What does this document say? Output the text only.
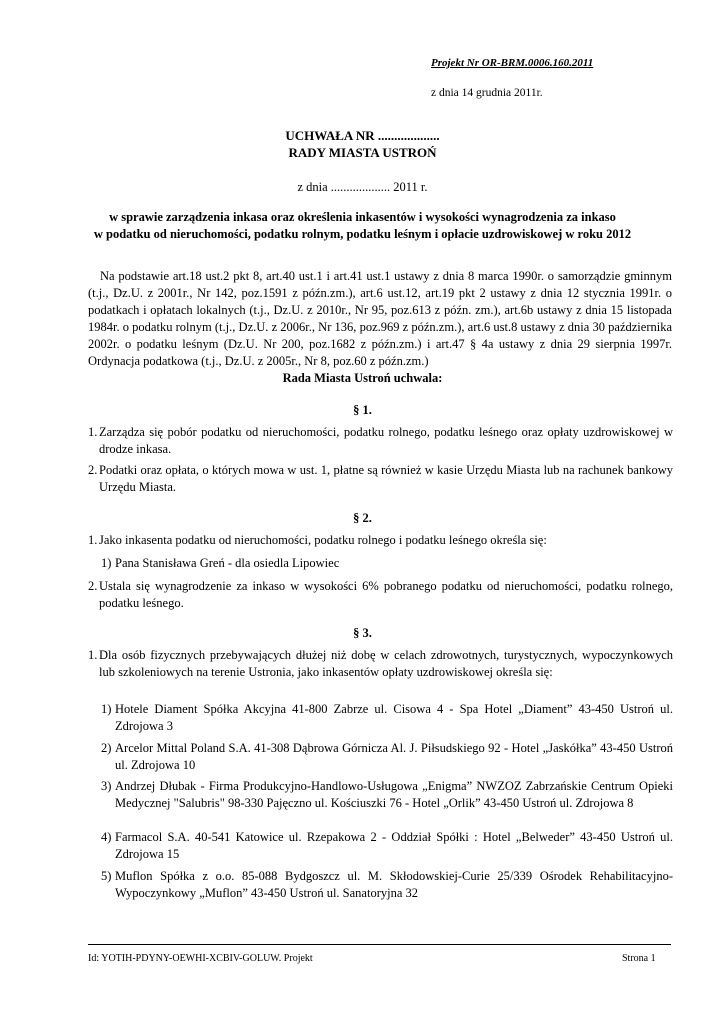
Projekt Nr OR-BRM.0006.160.2011
z dnia 14 grudnia 2011r.
UCHWAŁA NR ...................
RADY MIASTA USTROŃ
z dnia ................... 2011 r.
w sprawie zarządzenia inkasa oraz określenia inkasentów i wysokości wynagrodzenia za inkaso
w podatku od nieruchomości, podatku rolnym, podatku leśnym i opłacie uzdrowiskowej w roku 2012
Na podstawie art.18 ust.2 pkt 8, art.40 ust.1 i art.41 ust.1 ustawy z dnia 8 marca 1990r. o samorządzie gminnym (t.j., Dz.U. z 2001r., Nr 142, poz.1591 z późn.zm.), art.6 ust.12, art.19 pkt 2 ustawy z dnia 12 stycznia 1991r. o podatkach i opłatach lokalnych (t.j., Dz.U. z 2010r., Nr 95, poz.613 z późn. zm.), art.6b ustawy z dnia 15 listopada 1984r. o podatku rolnym (t.j., Dz.U. z 2006r., Nr 136, poz.969 z późn.zm.), art.6 ust.8 ustawy z dnia 30 października 2002r. o podatku leśnym (Dz.U. Nr 200, poz.1682 z późn.zm.) i art.47 § 4a ustawy z dnia 29 sierpnia 1997r. Ordynacja podatkowa (t.j., Dz.U. z 2005r., Nr 8, poz.60 z późn.zm.)
Rada Miasta Ustroń uchwala:
§ 1.
1. Zarządza się pobór podatku od nieruchomości, podatku rolnego, podatku leśnego oraz opłaty uzdrowiskowej w drodze inkasa.
2. Podatki oraz opłata, o których mowa w ust. 1, płatne są również w kasie Urzędu Miasta lub na rachunek bankowy Urzędu Miasta.
§ 2.
1. Jako inkasenta podatku od nieruchomości, podatku rolnego i podatku leśnego określa się:
1) Pana Stanisława Greń - dla osiedla Lipowiec
2. Ustala się wynagrodzenie za inkaso w wysokości 6% pobranego podatku od nieruchomości, podatku rolnego, podatku leśnego.
§ 3.
1. Dla osób fizycznych przebywających dłużej niż dobę w celach zdrowotnych, turystycznych, wypoczynkowych lub szkoleniowych na terenie Ustronia, jako inkasentów opłaty uzdrowiskowej określa się:
1) Hotele Diament Spółka Akcyjna 41-800 Zabrze ul. Cisowa 4 - Spa Hotel „Diament” 43-450 Ustroń ul. Zdrojowa 3
2) Arcelor Mittal Poland S.A. 41-308 Dąbrowa Górnicza Al. J. Piłsudskiego 92 - Hotel „Jaskółka” 43-450 Ustroń ul. Zdrojowa 10
3) Andrzej Dłubak - Firma Produkcyjno-Handlowo-Usługowa „Enigma” NWZOZ Zabrzańskie Centrum Opieki Medycznej "Salubris" 98-330 Pajęczno ul. Kościuszki 76 - Hotel „Orlik” 43-450 Ustroń ul. Zdrojowa 8
4) Farmacol S.A. 40-541 Katowice ul. Rzepakowa 2 - Oddział Spółki : Hotel „Belweder” 43-450 Ustroń ul. Zdrojowa 15
5) Muflon Spółka z o.o. 85-088 Bydgoszcz ul. M. Skłodowskiej-Curie 25/339 Ośrodek Rehabilitacyjno-Wypoczynkowy „Muflon” 43-450 Ustroń ul. Sanatoryjna 32
Id: YOTIH-PDYNY-OEWHI-XCBIV-GOLUW. Projekt	Strona 1
